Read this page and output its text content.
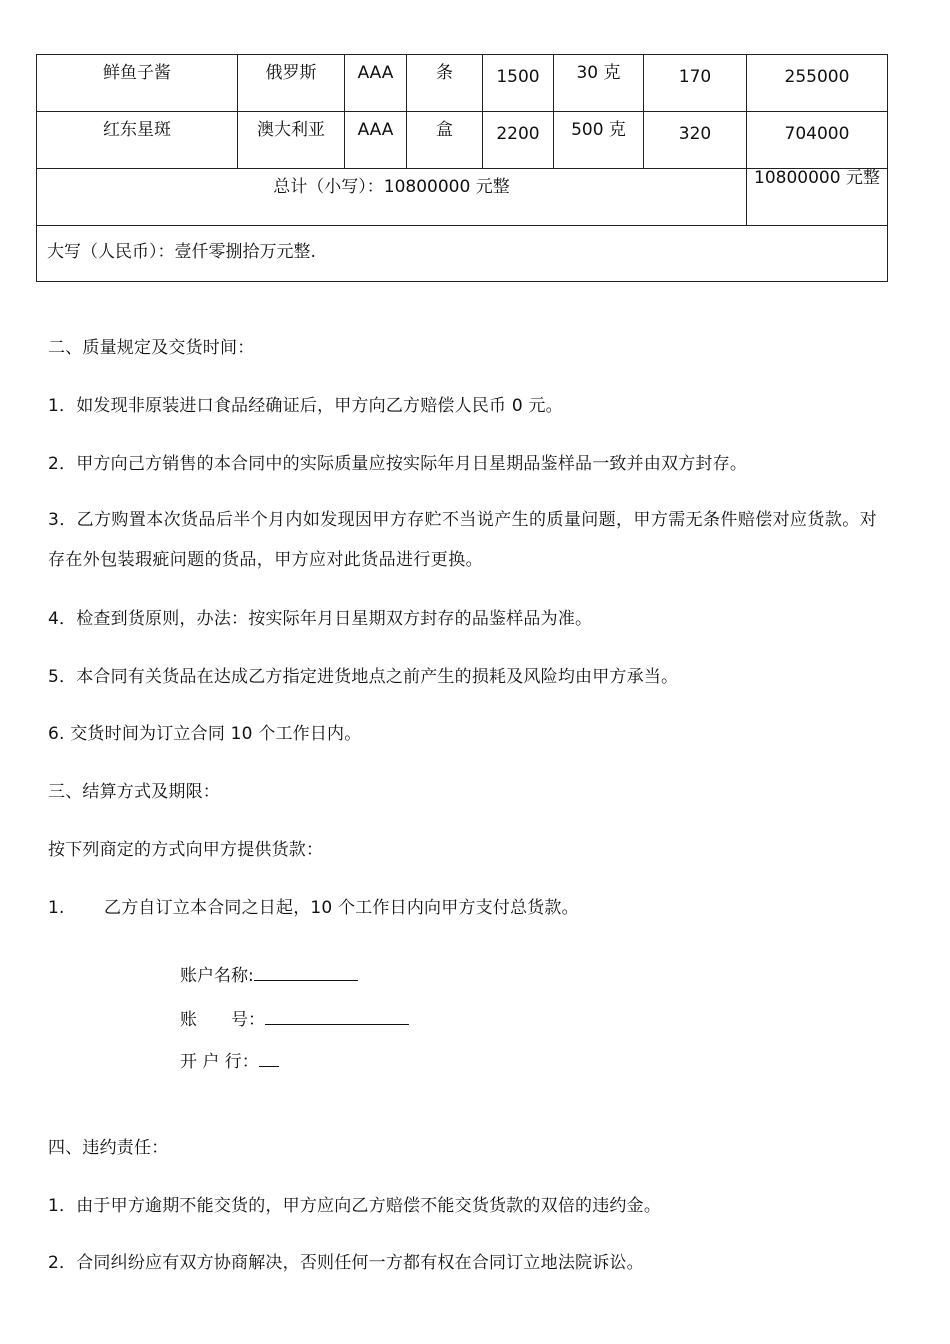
鲜鱼子酱	俄罗斯	AAA	条	1500	30 克	170	255000
红东星斑	澳大利亚	AAA	盒	2200	500 克	320	704000
总计（小写）：10800000 元整							10800000 元整
大写（人民币）：壹仟零捌拾万元整.							

二、质量规定及交货时间：

1．如发现非原装进口食品经确证后，甲方向乙方赔偿人民币 0 元。

2．甲方向己方销售的本合同中的实际质量应按实际年月日星期品鉴样品一致并由双方封存。

3．乙方购置本次货品后半个月内如发现因甲方存贮不当说产生的质量问题，甲方需无条件赔偿对应货款。对存在外包装瑕疵问题的货品，甲方应对此货品进行更换。

4．检查到货原则，办法：按实际年月日星期双方封存的品鉴样品为准。

5．本合同有关货品在达成乙方指定进货地点之前产生的损耗及风险均由甲方承当。

6. 交货时间为订立合同 10 个工作日内。

三、结算方式及期限：

按下列商定的方式向甲方提供货款：

1. 乙方自订立本合同之日起，10 个工作日内向甲方支付总货款。

账户名称:
账　　号：
开 户 行：

四、违约责任：

1．由于甲方逾期不能交货的，甲方应向乙方赔偿不能交货货款的双倍的违约金。

2．合同纠纷应有双方协商解决，否则任何一方都有权在合同订立地法院诉讼。
